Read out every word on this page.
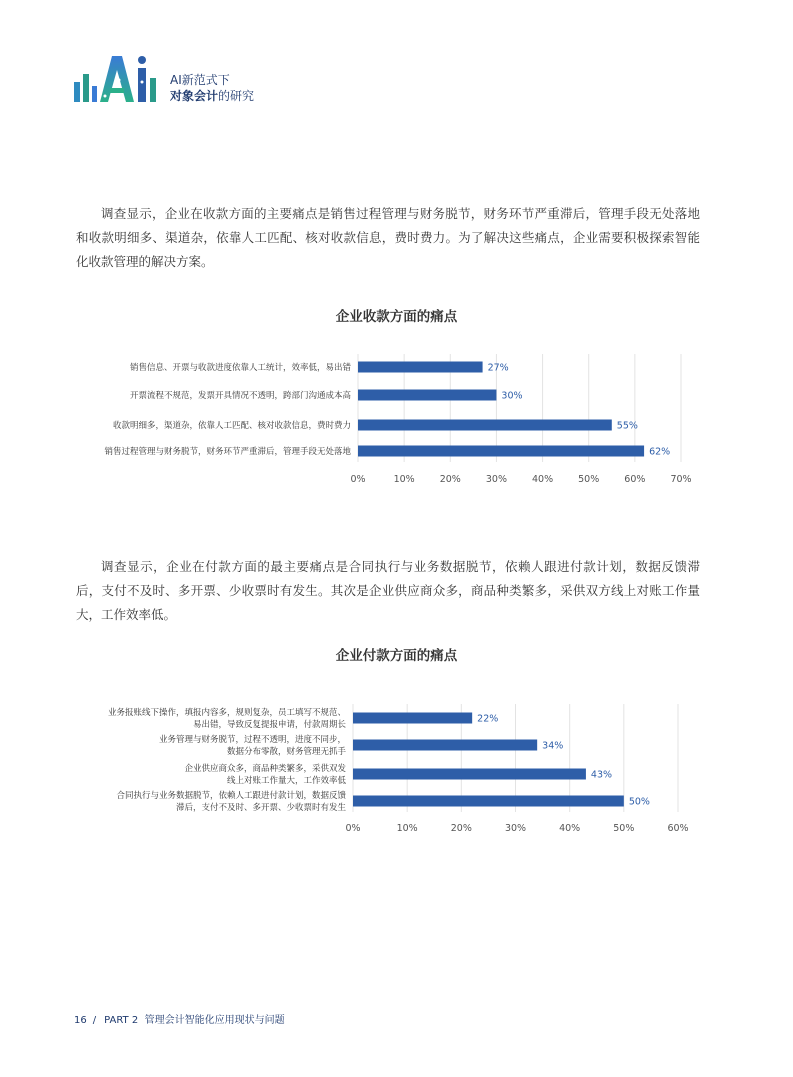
AI
AI新范式下
对象会计的研究

调查显示，企业在收款方面的主要痛点是销售过程管理与财务脱节，财务环节严重滞后，管理手段无处落地和收款明细多、渠道杂，依靠人工匹配、核对收款信息，费时费力。为了解决这些痛点，企业需要积极探索智能化收款管理的解决方案。

企业收款方面的痛点
0%	10%	20%	30%	40%	50%	60%	70%
27%
销售信息、开票与收款进度依靠人工统计，效率低，易出错
30%
开票流程不规范，发票开具情况不透明，跨部门沟通成本高
55%
收款明细多，渠道杂，依靠人工匹配、核对收款信息，费时费力
62%
销售过程管理与财务脱节，财务环节严重滞后，管理手段无处落地

调查显示，企业在付款方面的最主要痛点是合同执行与业务数据脱节，依赖人跟进付款计划，数据反馈滞后，支付不及时、多开票、少收票时有发生。其次是企业供应商众多，商品种类繁多，采供双方线上对账工作量大，工作效率低。

企业付款方面的痛点
0%	10%	20%	30%	40%	50%	60%
22%
业务报账线下操作，填报内容多，规则复杂，员工填写不规范、
易出错，导致反复提报申请，付款周期长
34%
业务管理与财务脱节，过程不透明，进度不同步，
数据分布零散，财务管理无抓手
43%
企业供应商众多，商品种类繁多，采供双发
线上对账工作量大，工作效率低
50%
合同执行与业务数据脱节，依赖人工跟进付款计划，数据反馈
滞后，支付不及时、多开票、少收票时有发生
16 / PART 2 管理会计智能化应用现状与问题
